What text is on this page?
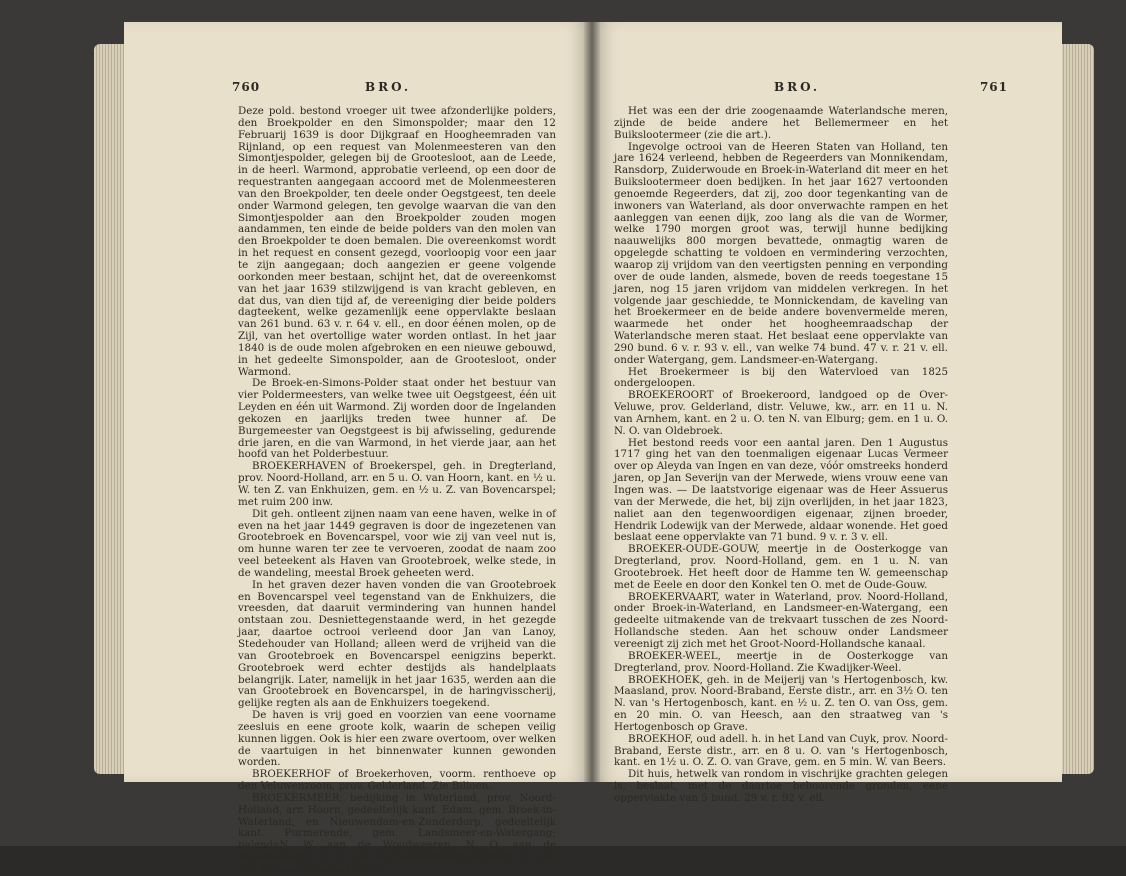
760	BRO.

Deze pold. bestond vroeger uit twee afzonderlijke polders, den Broekpolder en den Simonspolder; maar den 12 Februarij 1639 is door Dijkgraaf en Hoogheemraden van Rijnland, op een request van Molenmeesteren van den Simontjespolder, gelegen bij de Grootesloot, aan de Leede, in de heerl. Warmond, approbatie verleend, op een door de requestranten aangegaan accoord met de Molenmeesteren van den Broekpolder, ten deele onder Oegstgeest, ten deele onder Warmond gelegen, ten gevolge waarvan die van den Simontjespolder aan den Broekpolder zouden mogen aandammen, ten einde de beide polders van den molen van den Broekpolder te doen bemalen. Die overeenkomst wordt in het request en consent gezegd, voorloopig voor een jaar te zijn aangegaan; doch aangezien er geene volgende oorkonden meer bestaan, schijnt het, dat de overeenkomst van het jaar 1639 stilzwijgend is van kracht gebleven, en dat dus, van dien tijd af, de vereeniging dier beide polders dagteekent, welke gezamenlijk eene oppervlakte beslaan van 261 bund. 63 v. r. 64 v. ell., en door éénen molen, op de Zijl, van het overtollige water worden ontlast. In het jaar 1840 is de oude molen afgebroken en een nieuwe gebouwd, in het gedeelte Simonspolder, aan de Grootesloot, onder Warmond.

De Broek-en-Simons-Polder staat onder het bestuur van vier Poldermeesters, van welke twee uit Oegstgeest, één uit Leyden en één uit Warmond. Zij worden door de Ingelanden gekozen en jaarlijks treden twee hunner af. De Burgemeester van Oegstgeest is bij afwisseling, gedurende drie jaren, en die van Warmond, in het vierde jaar, aan het hoofd van het Polderbestuur.

BROEKERHAVEN of Broekerspel, geh. in Dregterland, prov. Noord-Holland, arr. en 5 u. O. van Hoorn, kant. en ½ u. W. ten Z. van Enkhuizen, gem. en ½ u. Z. van Bovencarspel; met ruim 200 inw.

Dit geh. ontleent zijnen naam van eene haven, welke in of even na het jaar 1449 gegraven is door de ingezetenen van Grootebroek en Bovencarspel, voor wie zij van veel nut is, om hunne waren ter zee te vervoeren, zoodat de naam zoo veel beteekent als Haven van Grootebroek, welke stede, in de wandeling, meestal Broek geheeten werd.

In het graven dezer haven vonden die van Grootebroek en Bovencarspel veel tegenstand van de Enkhuizers, die vreesden, dat daaruit vermindering van hunnen handel ontstaan zou. Desniettegenstaande werd, in het gezegde jaar, daartoe octrooi verleend door Jan van Lanoy, Stedehouder van Holland; alleen werd de vrijheid van die van Grootebroek en Bovencarspel eenigzins beperkt. Grootebroek werd echter destijds als handelplaats belangrijk. Later, namelijk in het jaar 1635, werden aan die van Grootebroek en Bovencarspel, in de haringvisscherij, gelijke regten als aan de Enkhuizers toegekend.

De haven is vrij goed en voorzien van eene voorname zeesluis en eene groote kolk, waarin de schepen veilig kunnen liggen. Ook is hier een zware overtoom, over welken de vaartuigen in het binnenwater kunnen gewonden worden.

BROEKERHOF of Broekerhoven, voorm. renthoeve op den Veluwenzoom, prov. Gelderland. Zie Bilioen.

BROEKERMEER, bedijking in Waterland, prov. Noord-Holland, arr. Hoorn, gedeeltelijk kant. Edam, gem. Broek-in-Waterland, en Nieuwendam-en-Zunderdorp, gedeeltelijk kant. Purmerende, gem. Landsmeer-en-Watergang; palendeN. W. aan de Woudweeren, N. O. aan de Binnenweeren, Z. O. aan de Tweehonderd-Deimten, Z. aan den Grooten-Blaauwpolder.

BRO.	761

Het was een der drie zoogenaamde Waterlandsche meren, zijnde de beide andere het Bellemermeer en het Buikslootermeer (zie die art.).

Ingevolge octrooi van de Heeren Staten van Holland, ten jare 1624 verleend, hebben de Regeerders van Monnikendam, Ransdorp, Zuiderwoude en Broek-in-Waterland dit meer en het Buikslootermeer doen bedijken. In het jaar 1627 vertoonden genoemde Regeerders, dat zij, zoo door tegenkanting van de inwoners van Waterland, als door onverwachte rampen en het aanleggen van eenen dijk, zoo lang als die van de Wormer, welke 1790 morgen groot was, terwijl hunne bedijking naauwelijks 800 morgen bevattede, onmagtig waren de opgelegde schatting te voldoen en vermindering verzochten, waarop zij vrijdom van den veertigsten penning en verponding over de oude landen, alsmede, boven de reeds toegestane 15 jaren, nog 15 jaren vrijdom van middelen verkregen. In het volgende jaar geschiedde, te Monnickendam, de kaveling van het Broekermeer en de beide andere bovenvermelde meren, waarmede het onder het hoogheemraadschap der Waterlandsche meren staat. Het beslaat eene oppervlakte van 290 bund. 6 v. r. 93 v. ell., van welke 74 bund. 47 v. r. 21 v. ell. onder Watergang, gem. Landsmeer-en-Watergang.

Het Broekermeer is bij den Watervloed van 1825 ondergeloopen.

BROEKEROORT of Broekeroord, landgoed op de Over-Veluwe, prov. Gelderland, distr. Veluwe, kw., arr. en 11 u. N. van Arnhem, kant. en 2 u. O. ten N. van Elburg; gem. en 1 u. O. N. O. van Oldebroek.

Het bestond reeds voor een aantal jaren. Den 1 Augustus 1717 ging het van den toenmaligen eigenaar Lucas Vermeer over op Aleyda van Ingen en van deze, vóór omstreeks honderd jaren, op Jan Severijn van der Merwede, wiens vrouw eene van Ingen was. — De laatstvorige eigenaar was de Heer Assuerus van der Merwede, die het, bij zijn overlijden, in het jaar 1823, naliet aan den tegenwoordigen eigenaar, zijnen broeder, Hendrik Lodewijk van der Merwede, aldaar wonende. Het goed beslaat eene oppervlakte van 71 bund. 9 v. r. 3 v. ell.

BROEKER-OUDE-GOUW, meertje in de Oosterkogge van Dregterland, prov. Noord-Holland, gem. en 1 u. N. van Grootebroek. Het heeft door de Hamme ten W. gemeenschap met de Eeele en door den Konkel ten O. met de Oude-Gouw.

BROEKERVAART, water in Waterland, prov. Noord-Holland, onder Broek-in-Waterland, en Landsmeer-en-Watergang, een gedeelte uitmakende van de trekvaart tusschen de zes Noord-Hollandsche steden. Aan het schouw onder Landsmeer vereenigt zij zich met het Groot-Noord-Hollandsche kanaal.

BROEKER-WEEL, meertje in de Oosterkogge van Dregterland, prov. Noord-Holland. Zie Kwadijker-Weel.

BROEKHOEK, geh. in de Meijerij van 's Hertogenbosch, kw. Maasland, prov. Noord-Braband, Eerste distr., arr. en 3½ O. ten N. van 's Hertogenbosch, kant. en ½ u. Z. ten O. van Oss, gem. en 20 min. O. van Heesch, aan den straatweg van 's Hertogenbosch op Grave.

BROEKHOF, oud adell. h. in het Land van Cuyk, prov. Noord-Braband, Eerste distr., arr. en 8 u. O. van 's Hertogenbosch, kant. en 1½ u. O. Z. O. van Grave, gem. en 5 min. W. van Beers.

Dit huis, hetwelk van rondom in vischrijke grachten gelegen is, beslaat, met de daartoe behoorende gronden, eene oppervlakte van 5 bund. 29 v. r. 92 v. ell.
